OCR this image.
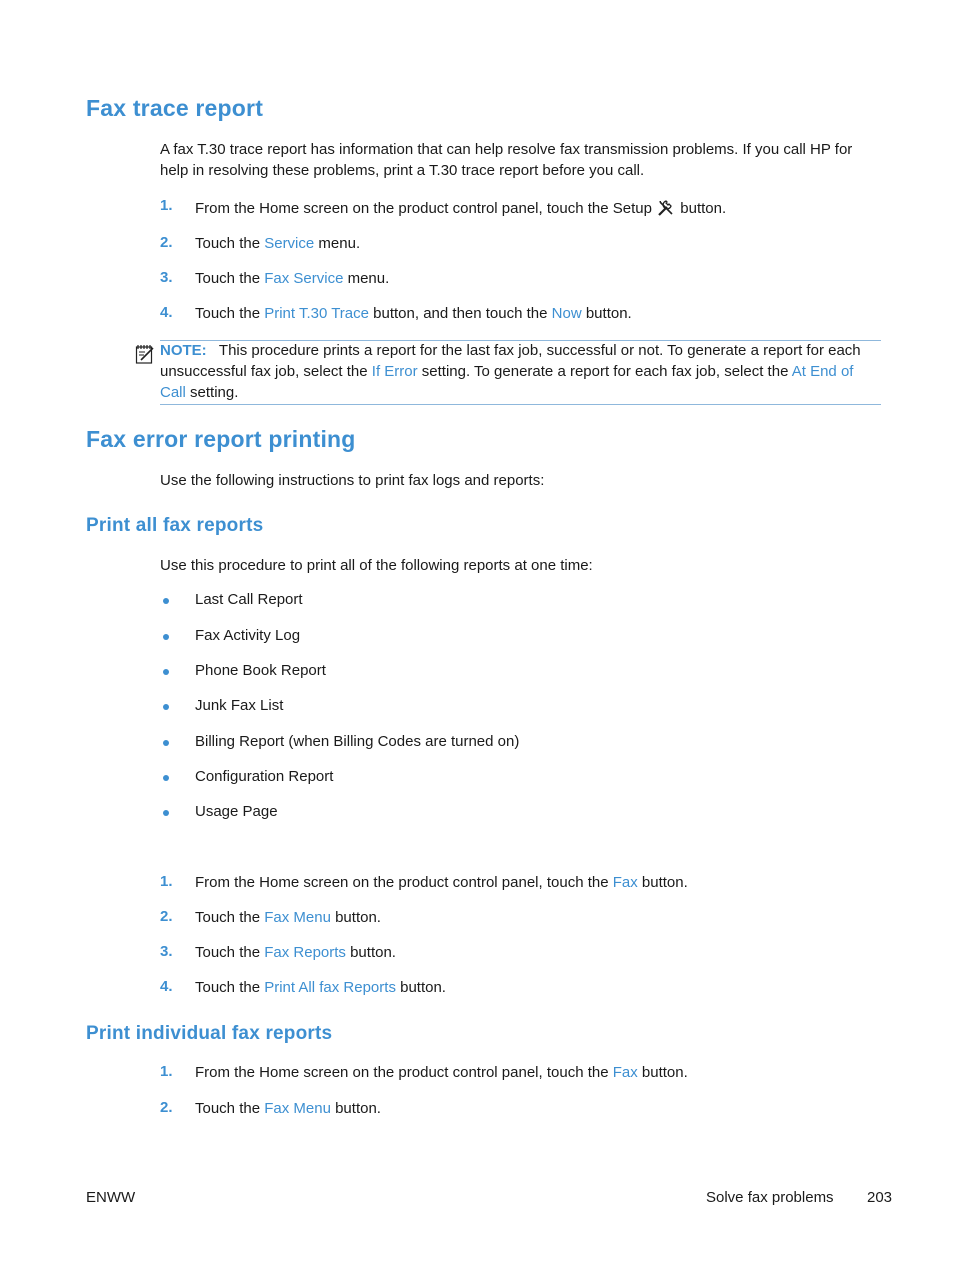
Fax trace report
A fax T.30 trace report has information that can help resolve fax transmission problems. If you call HP for help in resolving these problems, print a T.30 trace report before you call.
1. From the Home screen on the product control panel, touch the Setup button.
2. Touch the Service menu.
3. Touch the Fax Service menu.
4. Touch the Print T.30 Trace button, and then touch the Now button.
NOTE: This procedure prints a report for the last fax job, successful or not. To generate a report for each unsuccessful fax job, select the If Error setting. To generate a report for each fax job, select the At End of Call setting.
Fax error report printing
Use the following instructions to print fax logs and reports:
Print all fax reports
Use this procedure to print all of the following reports at one time:
Last Call Report
Fax Activity Log
Phone Book Report
Junk Fax List
Billing Report (when Billing Codes are turned on)
Configuration Report
Usage Page
1. From the Home screen on the product control panel, touch the Fax button.
2. Touch the Fax Menu button.
3. Touch the Fax Reports button.
4. Touch the Print All fax Reports button.
Print individual fax reports
1. From the Home screen on the product control panel, touch the Fax button.
2. Touch the Fax Menu button.
ENWW	Solve fax problems 203
